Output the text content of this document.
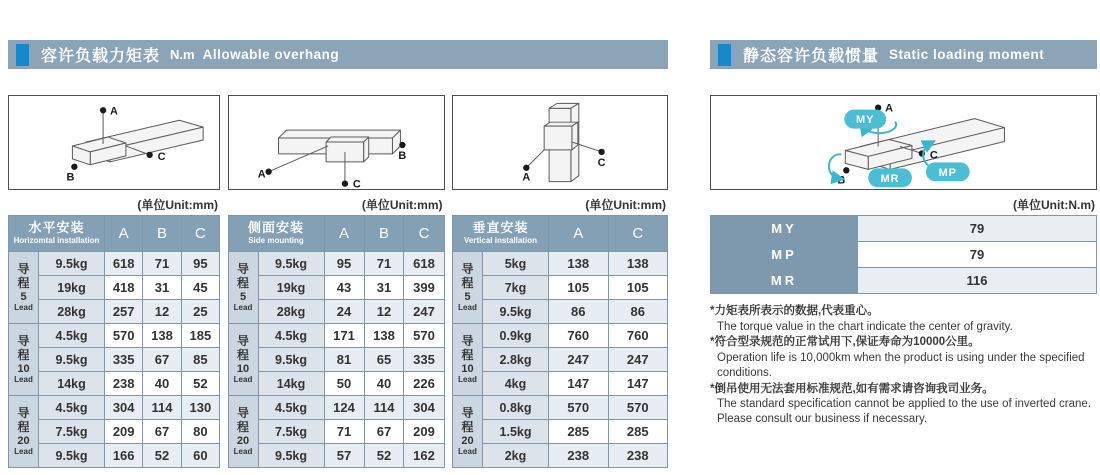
容许负载力矩表 N.m Allowable overhang
A
B
C
A
B
C
A
C
(单位Unit:mm)
水平安装
Horizomtal installation		A	B	C

导程
5
Lead	9.5kg	618	71	95
	19kg	418	31	45
	28kg	257	12	25

导程
10
Lead	4.5kg	570	138	185
	9.5kg	335	67	85
	14kg	238	40	52

导程
20
Lead	4.5kg	304	114	130
	7.5kg	209	67	80
	9.5kg	166	52	60
(单位Unit:mm)
侧面安装
Side mounting		A	B	C

导程
5
Lead	9.5kg	95	71	618
	19kg	43	31	399
	28kg	24	12	247

导程
10
Lead	4.5kg	171	138	570
	9.5kg	81	65	335
	14kg	50	40	226

导程
20
Lead	4.5kg	124	114	304
	7.5kg	71	67	209
	9.5kg	57	52	162
(单位Unit:mm)
垂直安装
Vertical installation		A	C

导程
5
Lead	5kg	138	138
	7kg	105	105
	9.5kg	86	86

导程
10
Lead	0.9kg	760	760
	2.8kg	247	247
	4kg	147	147

导程
20
Lead	0.8kg	570	570
	1.5kg	285	285
	2kg	238	238
静态容许负载惯量 Static loading moment
A
B
C
MY
MP
MR
(单位Unit:N.m)
MY	79
MP	79
MR	116
*力矩表所表示的数据,代表重心。
The torque value in the chart indicate the center of gravity.
*符合型录规范的正常试用下,保证寿命为10000公里。
Operation life is 10,000km when the product is using under the specified conditions.
*倒吊使用无法套用标准规范,如有需求请咨询我司业务。
The standard specification cannot be applied to the use of inverted crane. Please consult our business if necessary.
